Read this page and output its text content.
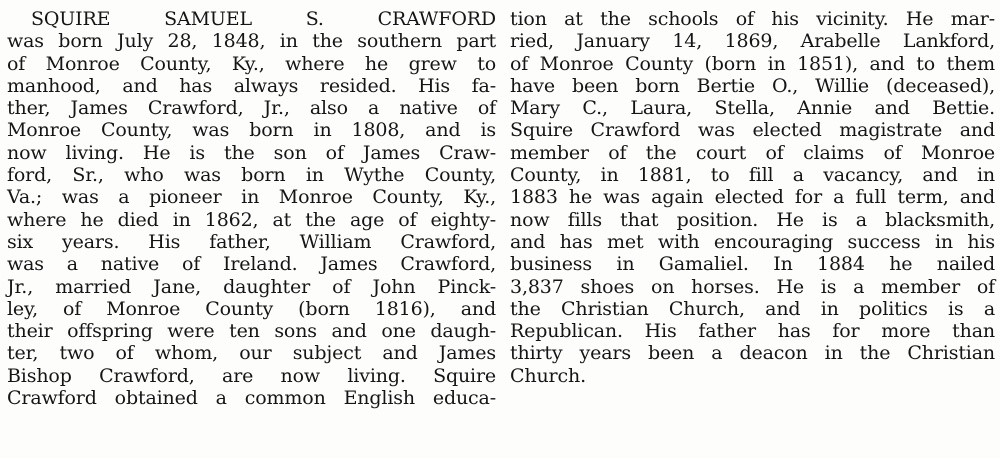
SQUIRE SAMUEL S. CRAWFORD
was born July 28, 1848, in the southern part
of Monroe County, Ky., where he grew to
manhood, and has always resided. His fa-
ther, James Crawford, Jr., also a native of
Monroe County, was born in 1808, and is
now living. He is the son of James Craw-
ford, Sr., who was born in Wythe County,
Va.; was a pioneer in Monroe County, Ky.,
where he died in 1862, at the age of eighty-
six years. His father, William Crawford,
was a native of Ireland. James Crawford,
Jr., married Jane, daughter of John Pinck-
ley, of Monroe County (born 1816), and
their offspring were ten sons and one daugh-
ter, two of whom, our subject and James
Bishop Crawford, are now living. Squire
Crawford obtained a common English educa-
tion at the schools of his vicinity. He mar-
ried, January 14, 1869, Arabelle Lankford,
of Monroe County (born in 1851), and to them
have been born Bertie O., Willie (deceased),
Mary C., Laura, Stella, Annie and Bettie.
Squire Crawford was elected magistrate and
member of the court of claims of Monroe
County, in 1881, to fill a vacancy, and in
1883 he was again elected for a full term, and
now fills that position. He is a blacksmith,
and has met with encouraging success in his
business in Gamaliel. In 1884 he nailed
3,837 shoes on horses. He is a member of
the Christian Church, and in politics is a
Republican. His father has for more than
thirty years been a deacon in the Christian
Church.
